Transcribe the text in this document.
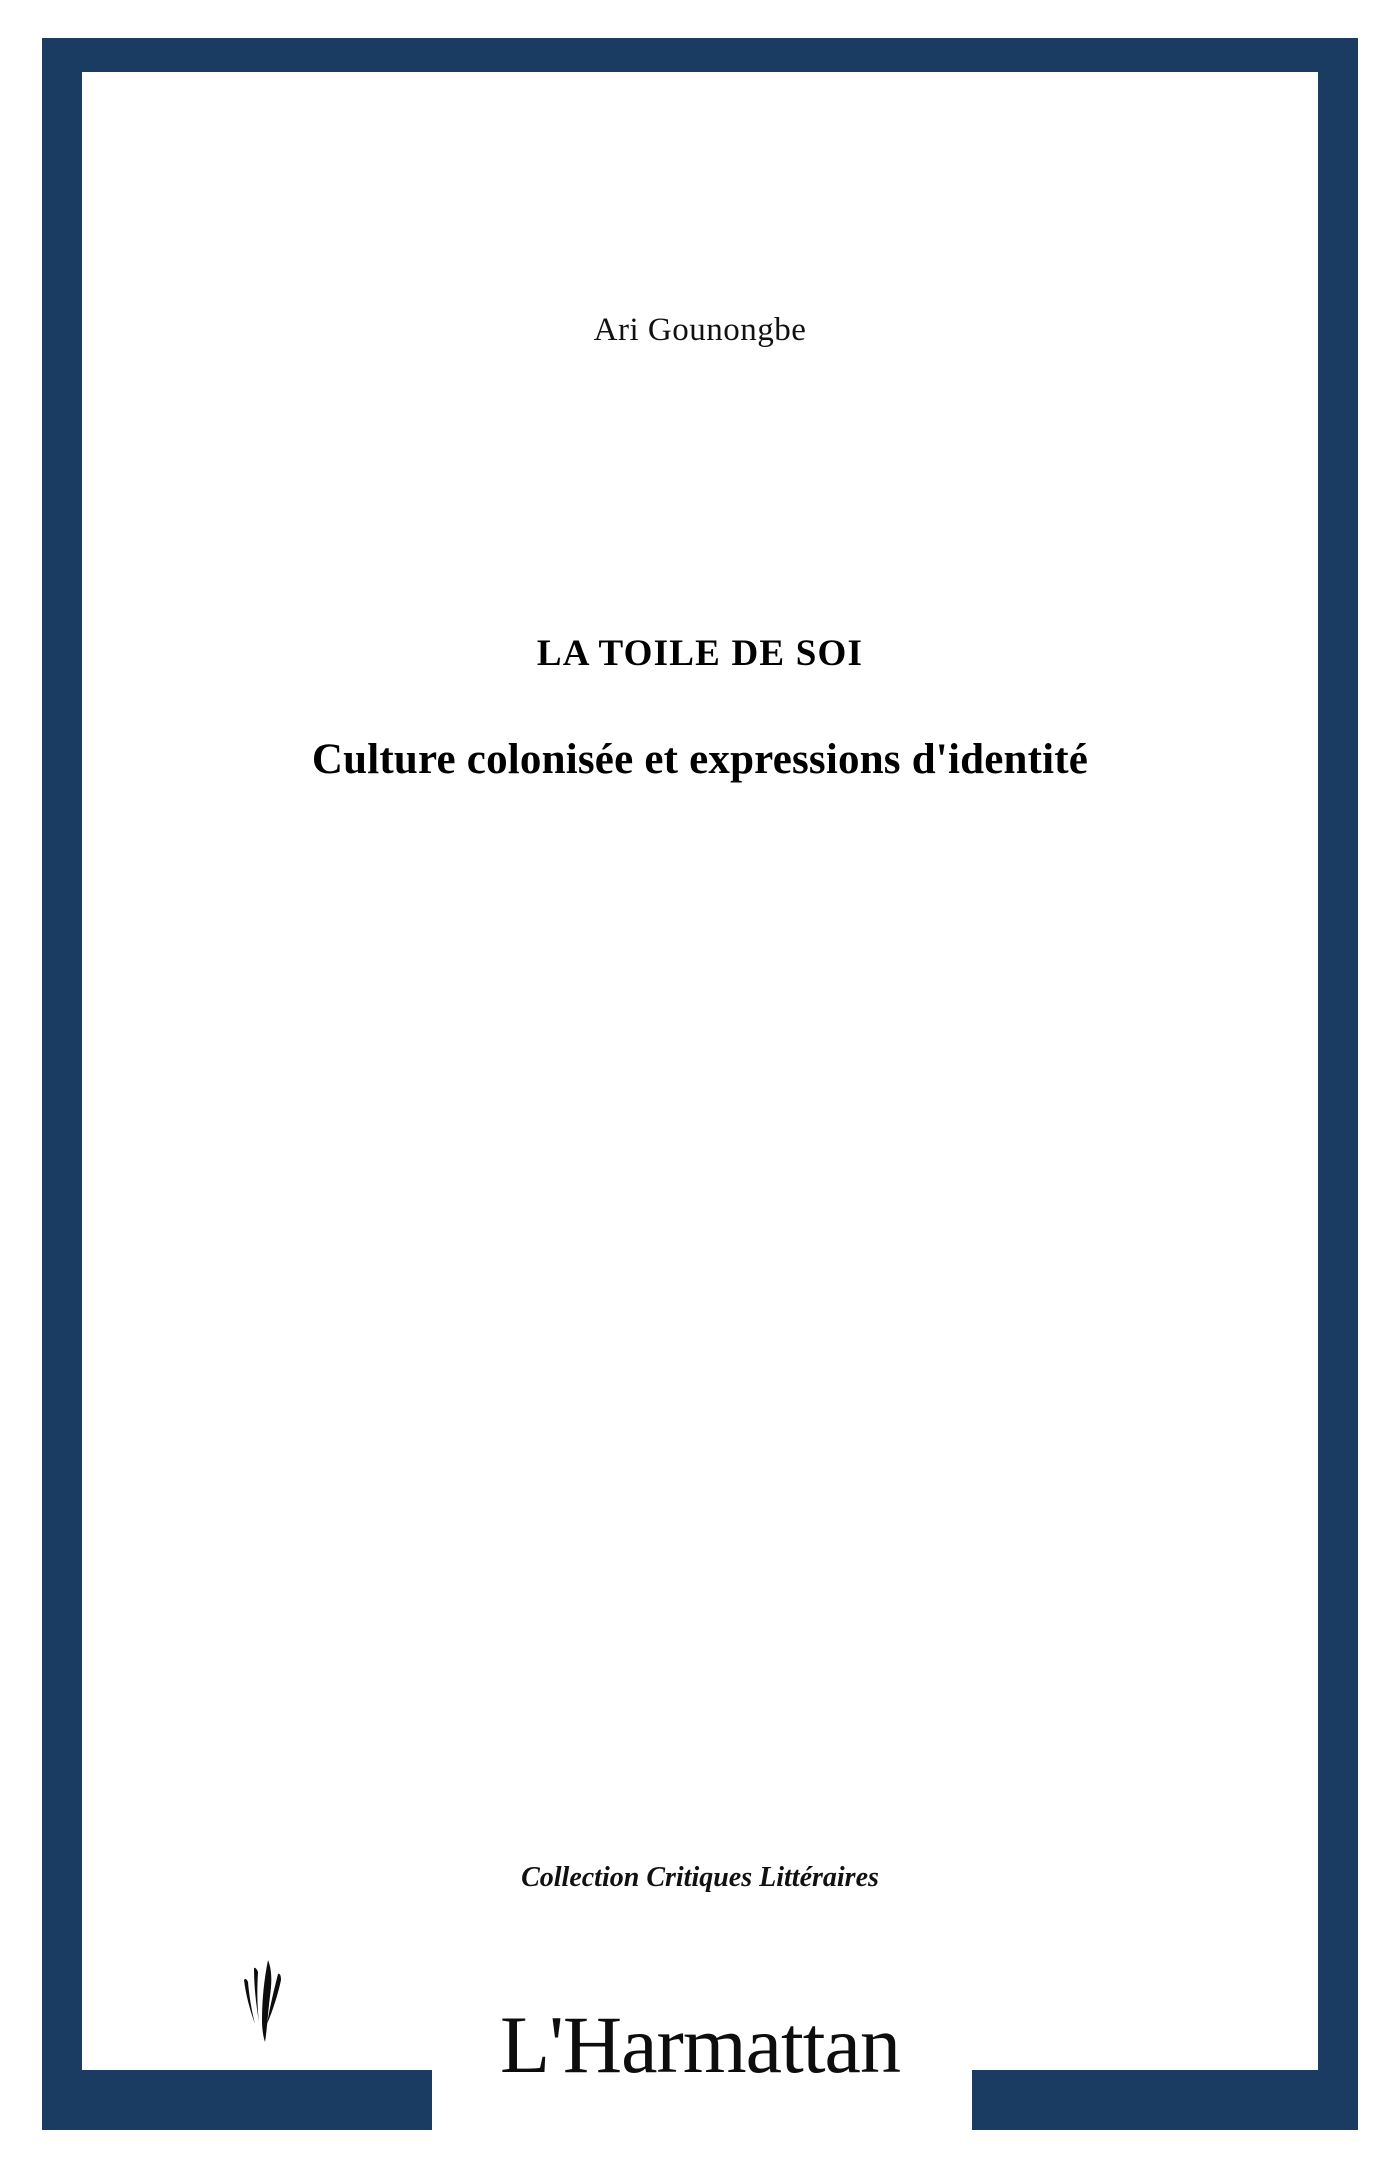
Ari Gounongbe
LA TOILE DE SOI
Culture colonisée et expressions d'identité
Collection Critiques Littéraires
L'Harmattan
